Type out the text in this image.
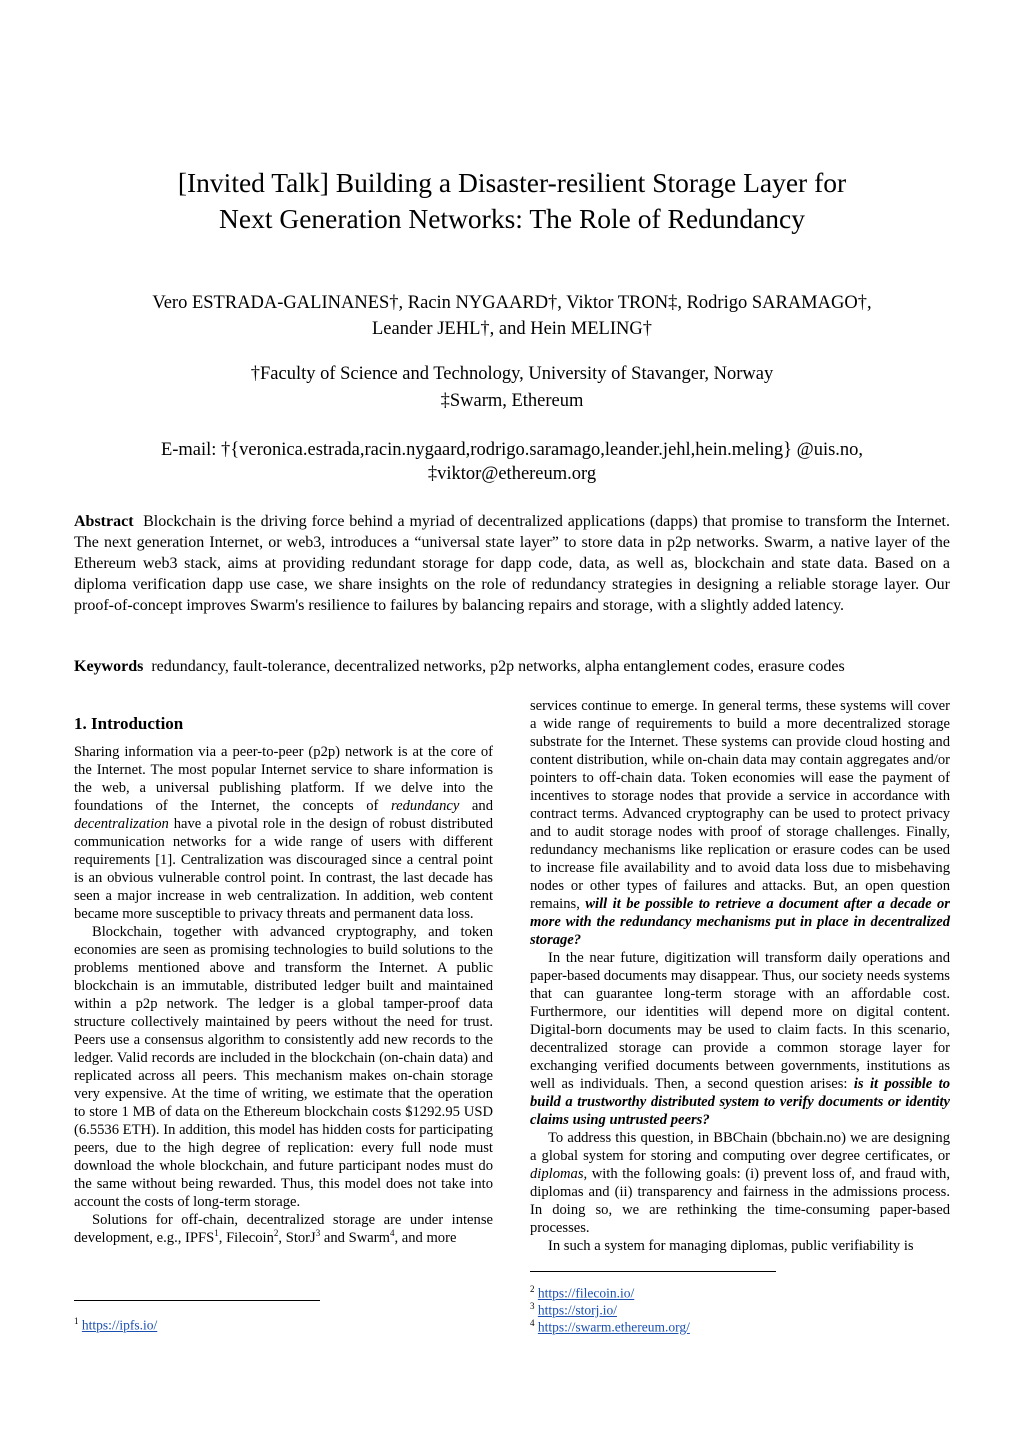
[Invited Talk] Building a Disaster-resilient Storage Layer for
Next Generation Networks: The Role of Redundancy
Vero ESTRADA-GALINANES†, Racin NYGAARD†, Viktor TRON‡, Rodrigo SARAMAGO†,
Leander JEHL†, and Hein MELING†
†Faculty of Science and Technology, University of Stavanger, Norway
‡Swarm, Ethereum
E-mail: †{veronica.estrada,racin.nygaard,rodrigo.saramago,leander.jehl,hein.meling} @uis.no,
‡viktor@ethereum.org
Abstract Blockchain is the driving force behind a myriad of decentralized applications (dapps) that promise to transform the Internet. The next generation Internet, or web3, introduces a “universal state layer” to store data in p2p networks. Swarm, a native layer of the Ethereum web3 stack, aims at providing redundant storage for dapp code, data, as well as, blockchain and state data. Based on a diploma verification dapp use case, we share insights on the role of redundancy strategies in designing a reliable storage layer. Our proof-of-concept improves Swarm's resilience to failures by balancing repairs and storage, with a slightly added latency.
Keywords redundancy, fault-tolerance, decentralized networks, p2p networks, alpha entanglement codes, erasure codes
1. Introduction

Sharing information via a peer-to-peer (p2p) network is at the core of the Internet. The most popular Internet service to share information is the web, a universal publishing platform. If we delve into the foundations of the Internet, the concepts of redundancy and decentralization have a pivotal role in the design of robust distributed communication networks for a wide range of users with different requirements [1]. Centralization was discouraged since a central point is an obvious vulnerable control point. In contrast, the last decade has seen a major increase in web centralization. In addition, web content became more susceptible to privacy threats and permanent data loss.

Blockchain, together with advanced cryptography, and token economies are seen as promising technologies to build solutions to the problems mentioned above and transform the Internet. A public blockchain is an immutable, distributed ledger built and maintained within a p2p network. The ledger is a global tamper-proof data structure collectively maintained by peers without the need for trust. Peers use a consensus algorithm to consistently add new records to the ledger. Valid records are included in the blockchain (on-chain data) and replicated across all peers. This mechanism makes on-chain storage very expensive. At the time of writing, we estimate that the operation to store 1 MB of data on the Ethereum blockchain costs $1292.95 USD (6.5536 ETH). In addition, this model has hidden costs for participating peers, due to the high degree of replication: every full node must download the whole blockchain, and future participant nodes must do the same without being rewarded. Thus, this model does not take into account the costs of long-term storage.

Solutions for off-chain, decentralized storage are under intense development, e.g., IPFS$^1$, Filecoin$^2$, StorJ$^3$ and Swarm$^4$, and more

$^1$ https://ipfs.io/

services continue to emerge. In general terms, these systems will cover a wide range of requirements to build a more decentralized storage substrate for the Internet. These systems can provide cloud hosting and content distribution, while on-chain data may contain aggregates and/or pointers to off-chain data. Token economies will ease the payment of incentives to storage nodes that provide a service in accordance with contract terms. Advanced cryptography can be used to protect privacy and to audit storage nodes with proof of storage challenges. Finally, redundancy mechanisms like replication or erasure codes can be used to increase file availability and to avoid data loss due to misbehaving nodes or other types of failures and attacks. But, an open question remains, will it be possible to retrieve a document after a decade or more with the redundancy mechanisms put in place in decentralized storage?

In the near future, digitization will transform daily operations and paper-based documents may disappear. Thus, our society needs systems that can guarantee long-term storage with an affordable cost. Furthermore, our identities will depend more on digital content. Digital-born documents may be used to claim facts. In this scenario, decentralized storage can provide a common storage layer for exchanging verified documents between governments, institutions as well as individuals. Then, a second question arises: is it possible to build a trustworthy distributed system to verify documents or identity claims using untrusted peers?

To address this question, in BBChain (bbchain.no) we are designing a global system for storing and computing over degree certificates, or diplomas, with the following goals: (i) prevent loss of, and fraud with, diplomas and (ii) transparency and fairness in the admissions process. In doing so, we are rethinking the time-consuming paper-based processes.

In such a system for managing diplomas, public verifiability is

$^2$ https://filecoin.io/
$^3$ https://storj.io/
$^4$ https://swarm.ethereum.org/
